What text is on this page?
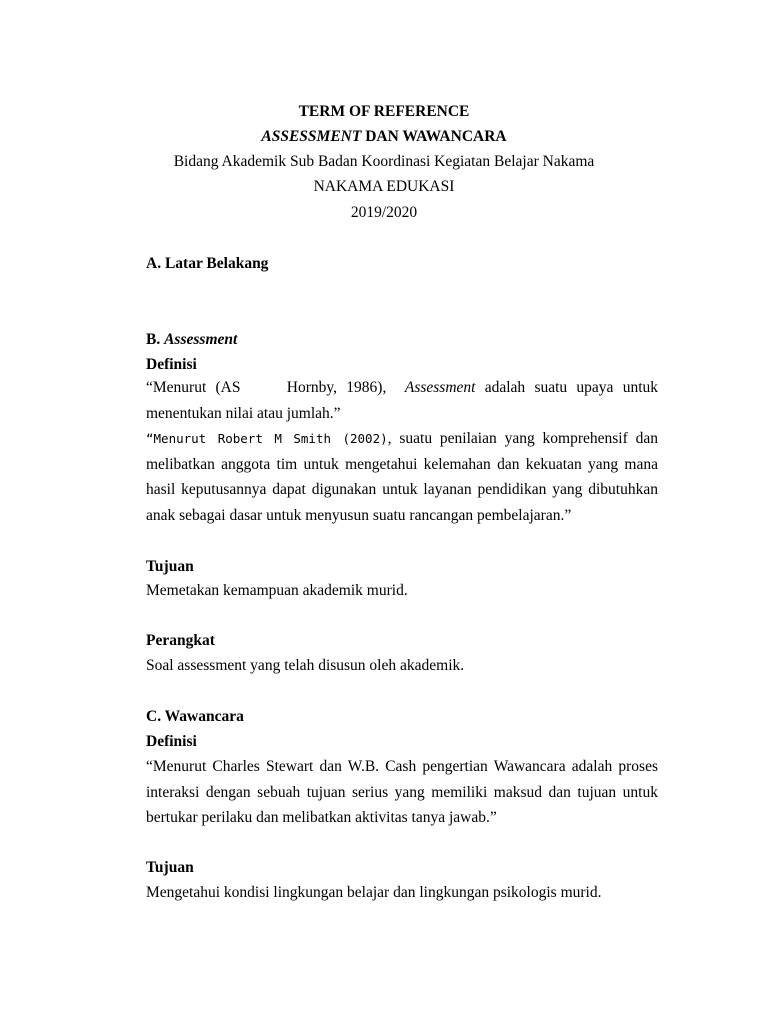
TERM OF REFERENCE
ASSESSMENT DAN WAWANCARA
Bidang Akademik Sub Badan Koordinasi Kegiatan Belajar Nakama
NAKAMA EDUKASI
2019/2020
A. Latar Belakang
B. Assessment
Definisi

“Menurut (AS     Hornby, 1986),  Assessment adalah suatu upaya untuk menentukan nilai atau jumlah.”

“Menurut Robert M Smith (2002), suatu penilaian yang komprehensif dan melibatkan anggota tim untuk mengetahui kelemahan dan kekuatan yang mana hasil keputusannya dapat digunakan untuk layanan pendidikan yang dibutuhkan anak sebagai dasar untuk menyusun suatu rancangan pembelajaran.”

Tujuan
Memetakan kemampuan akademik murid.
Perangkat
Soal assessment yang telah disusun oleh akademik.
C. Wawancara
Definisi

“Menurut Charles Stewart dan W.B. Cash pengertian Wawancara adalah proses interaksi dengan sebuah tujuan serius yang memiliki maksud dan tujuan untuk bertukar perilaku dan melibatkan aktivitas tanya jawab.”

Tujuan
Mengetahui kondisi lingkungan belajar dan lingkungan psikologis murid.
